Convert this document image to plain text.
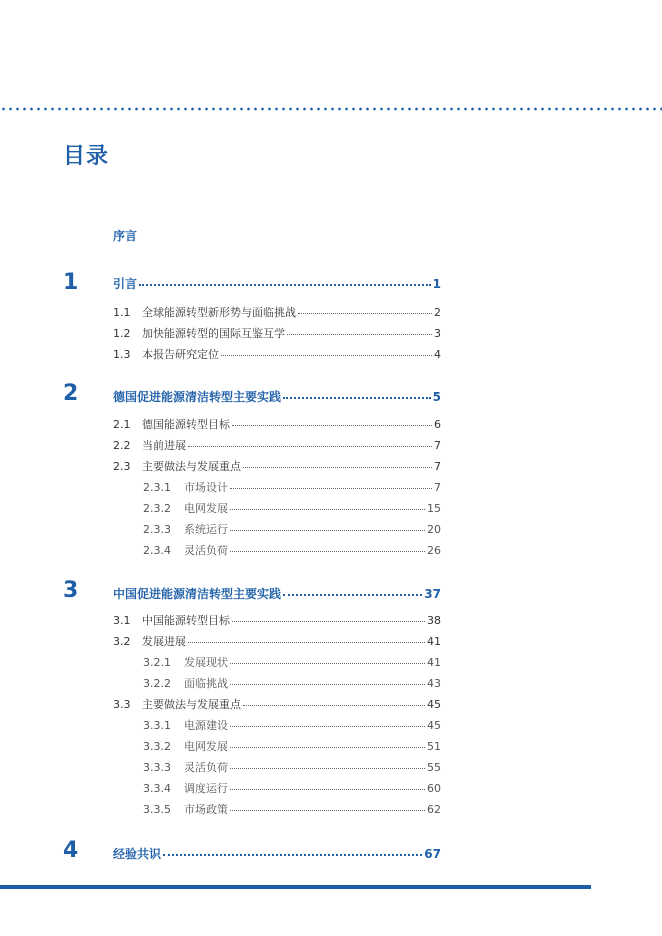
目录
序言
1	引言	1
1.1	全球能源转型新形势与面临挑战	2
1.2	加快能源转型的国际互鉴互学	3
1.3	本报告研究定位	4
2	德国促进能源清洁转型主要实践	5
2.1	德国能源转型目标	6
2.2	当前进展	7
2.3	主要做法与发展重点	7
2.3.1	市场设计	7
2.3.2	电网发展	15
2.3.3	系统运行	20
2.3.4	灵活负荷	26
3	中国促进能源清洁转型主要实践	37
3.1	中国能源转型目标	38
3.2	发展进展	41
3.2.1	发展现状	41
3.2.2	面临挑战	43
3.3	主要做法与发展重点	45
3.3.1	电源建设	45
3.3.2	电网发展	51
3.3.3	灵活负荷	55
3.3.4	调度运行	60
3.3.5	市场政策	62
4	经验共识	67
